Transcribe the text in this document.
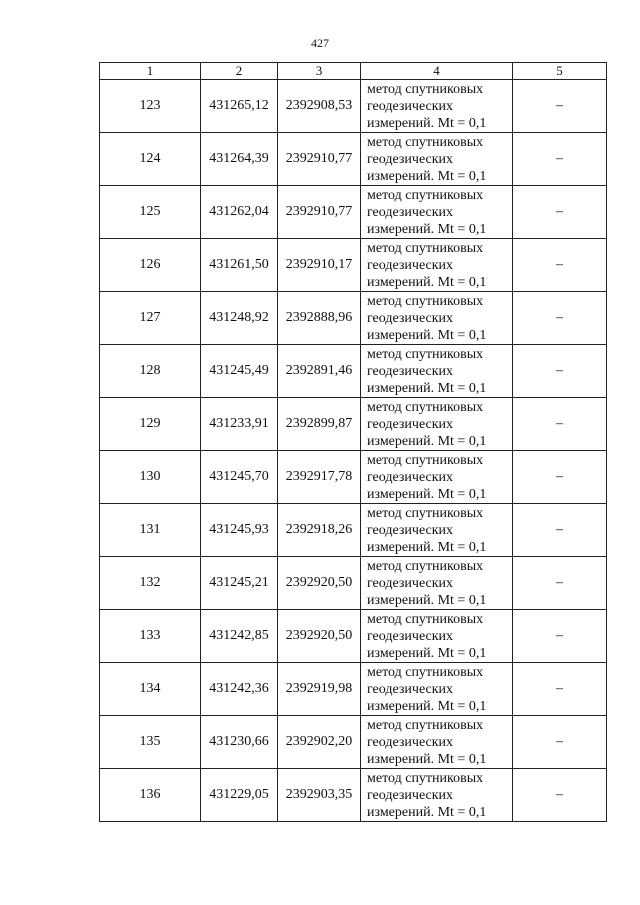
427
1	2	3	4	5
123	431265,12	2392908,53	метод спутниковых
геодезических
измерений. Mt = 0,1	–
124	431264,39	2392910,77	метод спутниковых
геодезических
измерений. Mt = 0,1	–
125	431262,04	2392910,77	метод спутниковых
геодезических
измерений. Mt = 0,1	–
126	431261,50	2392910,17	метод спутниковых
геодезических
измерений. Mt = 0,1	–
127	431248,92	2392888,96	метод спутниковых
геодезических
измерений. Mt = 0,1	–
128	431245,49	2392891,46	метод спутниковых
геодезических
измерений. Mt = 0,1	–
129	431233,91	2392899,87	метод спутниковых
геодезических
измерений. Mt = 0,1	–
130	431245,70	2392917,78	метод спутниковых
геодезических
измерений. Mt = 0,1	–
131	431245,93	2392918,26	метод спутниковых
геодезических
измерений. Mt = 0,1	–
132	431245,21	2392920,50	метод спутниковых
геодезических
измерений. Mt = 0,1	–
133	431242,85	2392920,50	метод спутниковых
геодезических
измерений. Mt = 0,1	–
134	431242,36	2392919,98	метод спутниковых
геодезических
измерений. Mt = 0,1	–
135	431230,66	2392902,20	метод спутниковых
геодезических
измерений. Mt = 0,1	–
136	431229,05	2392903,35	метод спутниковых
геодезических
измерений. Mt = 0,1	–
